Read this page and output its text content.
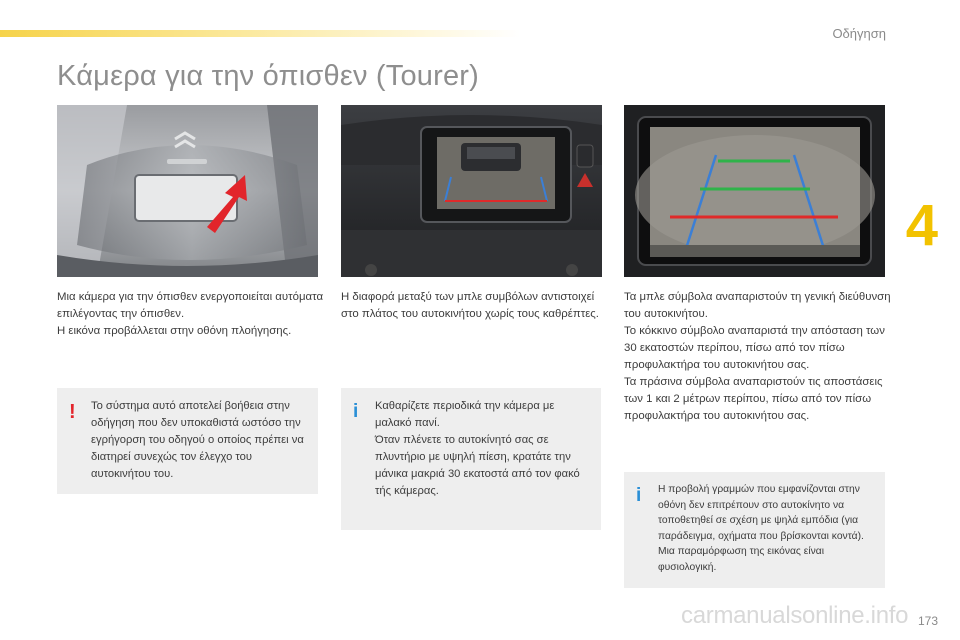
Οδήγηση
4
Κάμερα για την όπισθεν (Tourer)

Μια κάμερα για την όπισθεν ενεργοποιείται αυτόματα επιλέγοντας την όπισθεν.

Η εικόνα προβάλλεται στην οθόνη πλοήγησης.

Η διαφορά μεταξύ των μπλε συμβόλων αντιστοιχεί στο πλάτος του αυτοκινήτου χωρίς τους καθρέπτες.

Τα μπλε σύμβολα αναπαριστούν τη γενική διεύθυνση του αυτοκινήτου.

Το κόκκινο σύμβολο αναπαριστά την απόσταση των 30 εκατοστών περίπου, πίσω από τον πίσω προφυλακτήρα του αυτοκινήτου σας.

Τα πράσινα σύμβολα αναπαριστούν τις αποστάσεις των 1 και 2 μέτρων περίπου, πίσω από τον πίσω προφυλακτήρα του αυτοκινήτου σας.

! Το σύστημα αυτό αποτελεί βοήθεια στην οδήγηση που δεν υποκαθιστά ωστόσο την εγρήγορση του οδηγού ο οποίος πρέπει να διατηρεί συνεχώς τον έλεγχο του αυτοκινήτου του.

i Καθαρίζετε περιοδικά την κάμερα με μαλακό πανί.

Όταν πλένετε το αυτοκίνητό σας σε πλυντήριο με υψηλή πίεση, κρατάτε την μάνικα μακριά 30 εκατοστά από τον φακό τής κάμερας.	i Η προβολή γραμμών που εμφανίζονται στην οθόνη δεν επιτρέπουν στο αυτοκίνητο να τοποθετηθεί σε σχέση με ψηλά εμπόδια (για παράδειγμα, οχήματα που βρίσκονται κοντά). Μια παραμόρφωση της εικόνας είναι φυσιολογική.

carmanualsonline.info 173
